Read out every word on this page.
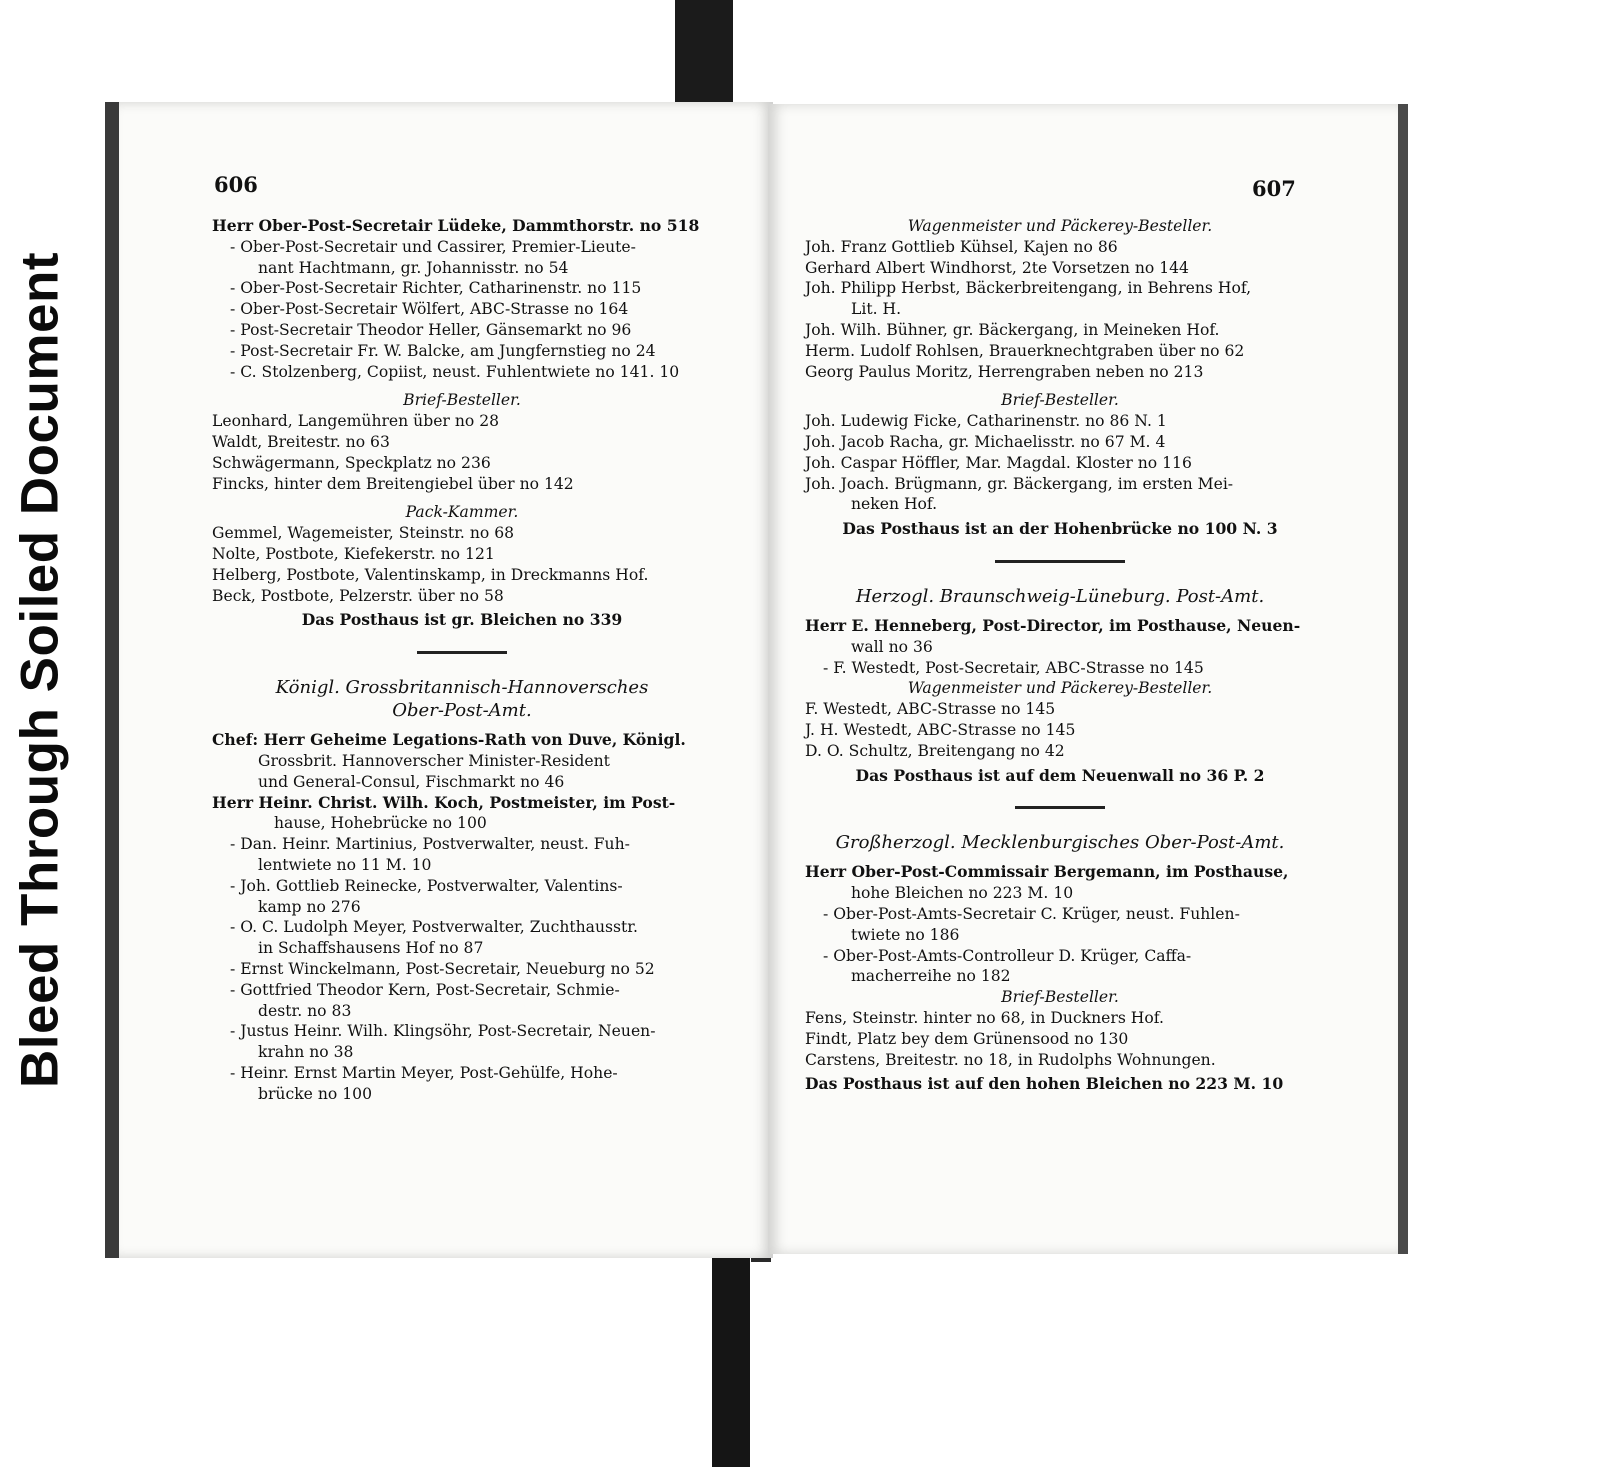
Bleed Through Soiled Document
606
Herr Ober-Post-Secretair Lüdeke, Dammthorstr. no 518
- Ober-Post-Secretair und Cassirer, Premier-Lieute-
nant Hachtmann, gr. Johannisstr. no 54
- Ober-Post-Secretair Richter, Catharinenstr. no 115
- Ober-Post-Secretair Wölfert, ABC-Strasse no 164
- Post-Secretair Theodor Heller, Gänsemarkt no 96
- Post-Secretair Fr. W. Balcke, am Jungfernstieg no 24
- C. Stolzenberg, Copiist, neust. Fuhlentwiete no 141. 10
Brief-Besteller.
Leonhard, Langemühren über no 28
Waldt, Breitestr. no 63
Schwägermann, Speckplatz no 236
Fincks, hinter dem Breitengiebel über no 142
Pack-Kammer.
Gemmel, Wagemeister, Steinstr. no 68
Nolte, Postbote, Kiefekerstr. no 121
Helberg, Postbote, Valentinskamp, in Dreckmanns Hof.
Beck, Postbote, Pelzerstr. über no 58
Das Posthaus ist gr. Bleichen no 339
Königl. Grossbritannisch-Hannoversches
Ober-Post-Amt.
Chef: Herr Geheime Legations-Rath von Duve, Königl.
Grossbrit. Hannoverscher Minister-Resident
und General-Consul, Fischmarkt no 46
Herr Heinr. Christ. Wilh. Koch, Postmeister, im Post-
hause, Hohebrücke no 100
- Dan. Heinr. Martinius, Postverwalter, neust. Fuh-
lentwiete no 11 M. 10
- Joh. Gottlieb Reinecke, Postverwalter, Valentins-
kamp no 276
- O. C. Ludolph Meyer, Postverwalter, Zuchthausstr.
in Schaffshausens Hof no 87
- Ernst Winckelmann, Post-Secretair, Neueburg no 52
- Gottfried Theodor Kern, Post-Secretair, Schmie-
destr. no 83
- Justus Heinr. Wilh. Klingsöhr, Post-Secretair, Neuen-
krahn no 38
- Heinr. Ernst Martin Meyer, Post-Gehülfe, Hohe-
brücke no 100
607
Wagenmeister und Päckerey-Besteller.
Joh. Franz Gottlieb Kühsel, Kajen no 86
Gerhard Albert Windhorst, 2te Vorsetzen no 144
Joh. Philipp Herbst, Bäckerbreitengang, in Behrens Hof,
Lit. H.
Joh. Wilh. Bühner, gr. Bäckergang, in Meineken Hof.
Herm. Ludolf Rohlsen, Brauerknechtgraben über no 62
Georg Paulus Moritz, Herrengraben neben no 213
Brief-Besteller.
Joh. Ludewig Ficke, Catharinenstr. no 86 N. 1
Joh. Jacob Racha, gr. Michaelisstr. no 67 M. 4
Joh. Caspar Höffler, Mar. Magdal. Kloster no 116
Joh. Joach. Brügmann, gr. Bäckergang, im ersten Mei-
neken Hof.
Das Posthaus ist an der Hohenbrücke no 100 N. 3
Herzogl. Braunschweig-Lüneburg. Post-Amt.
Herr E. Henneberg, Post-Director, im Posthause, Neuen-
wall no 36
- F. Westedt, Post-Secretair, ABC-Strasse no 145
Wagenmeister und Päckerey-Besteller.
F. Westedt, ABC-Strasse no 145
J. H. Westedt, ABC-Strasse no 145
D. O. Schultz, Breitengang no 42
Das Posthaus ist auf dem Neuenwall no 36 P. 2
Großherzogl. Mecklenburgisches Ober-Post-Amt.
Herr Ober-Post-Commissair Bergemann, im Posthause,
hohe Bleichen no 223 M. 10
- Ober-Post-Amts-Secretair C. Krüger, neust. Fuhlen-
twiete no 186
- Ober-Post-Amts-Controlleur D. Krüger, Caffa-
macherreihe no 182
Brief-Besteller.
Fens, Steinstr. hinter no 68, in Duckners Hof.
Findt, Platz bey dem Grünensood no 130
Carstens, Breitestr. no 18, in Rudolphs Wohnungen.
Das Posthaus ist auf den hohen Bleichen no 223 M. 10
